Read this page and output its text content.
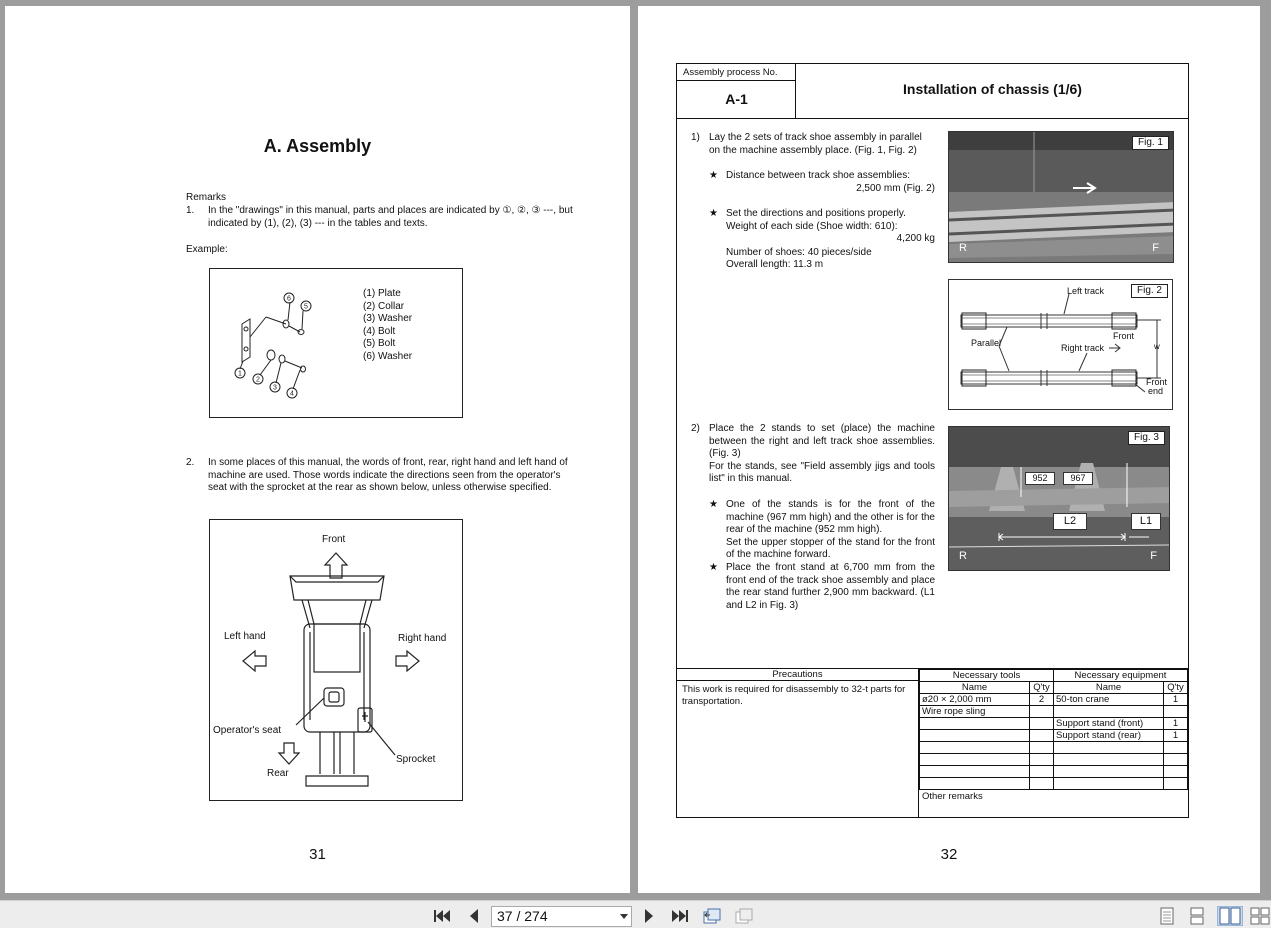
A. Assembly
Remarks
1. In the "drawings" in this manual, parts and places are indicated by ①, ②, ③ ---, but indicated by (1), (2), (3) --- in the tables and texts.
Example:
1
2
3
4
5
6	(1) Plate
(2) Collar
(3) Washer
(4) Bolt
(5) Bolt
(6) Washer
2. In some places of this manual, the words of front, rear, right hand and left hand of machine are used. Those words indicate the directions seen from the operator's seat with the sprocket at the rear as shown below, unless otherwise specified.
Front
Left hand	Right hand
Operator's seat
Sprocket
Rear
31
Assembly process No.
A-1
Installation of chassis (1/6)
1) Lay the 2 sets of track shoe assembly in parallel on the machine assembly place. (Fig. 1, Fig. 2)
★ Distance between track shoe assemblies:
2,500 mm (Fig. 2)
★ Set the directions and positions properly.
Weight of each side (Shoe width: 610):
4,200 kg
Number of shoes: 40 pieces/side
Overall length: 11.3 m
Fig. 1
R	F
Fig. 2
Left track
Parallel	Right track
Front
w
Front
end
2) Place the 2 stands to set (place) the machine between the right and left track shoe assemblies. (Fig. 3)
For the stands, see "Field assembly jigs and tools list" in this manual.
★ One of the stands is for the front of the machine (967 mm high) and the other is for the rear of the machine (952 mm high).
Set the upper stopper of the stand for the front of the machine forward.
★ Place the front stand at 6,700 mm from the front end of the track shoe assembly and place the rear stand further 2,900 mm backward. (L1 and L2 in Fig. 3)
Fig. 3
952	967
L2	L1
R	F
Precautions
This work is required for disassembly to 32-t parts for transportation.
Necessary tools		Necessary equipment	
Name	Q'ty	Name	Q'ty
ø20 × 2,000 mm	2	50-ton crane	1
Wire rope sling			
		Support stand (front)	1
		Support stand (rear)	1

Other remarks
32
37 / 274
